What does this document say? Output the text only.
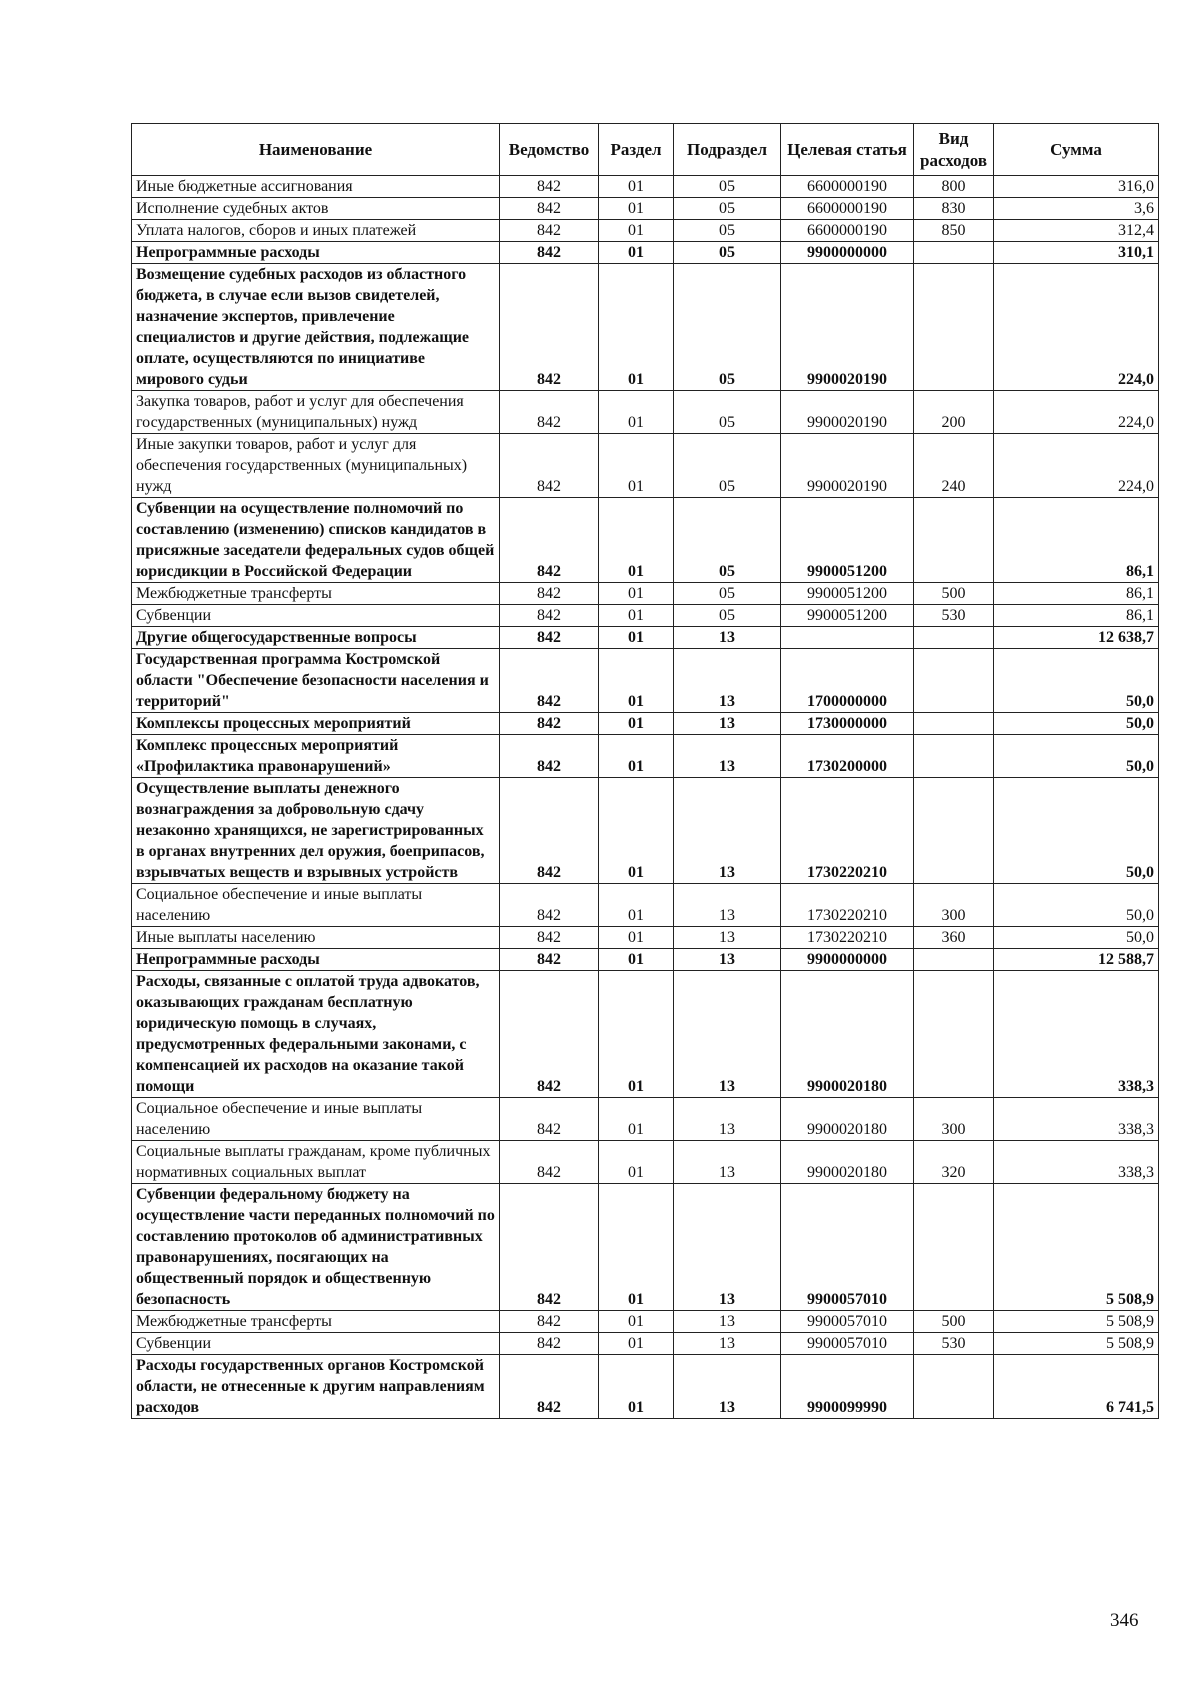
Наименование	Ведомство	Раздел	Подраздел	Целевая статья	Вид расходов	Сумма
Иные бюджетные ассигнования	842	01	05	6600000190	800	316,0
Исполнение судебных актов	842	01	05	6600000190	830	3,6
Уплата налогов, сборов и иных платежей	842	01	05	6600000190	850	312,4
Непрограммные расходы	842	01	05	9900000000		310,1
Возмещение судебных расходов из областного бюджета, в случае если вызов свидетелей, назначение экспертов, привлечение специалистов и другие действия, подлежащие оплате, осуществляются по инициативе мирового судьи	842	01	05	9900020190		224,0
Закупка товаров, работ и услуг для обеспечения государственных (муниципальных) нужд	842	01	05	9900020190	200	224,0
Иные закупки товаров, работ и услуг для обеспечения государственных (муниципальных) нужд	842	01	05	9900020190	240	224,0
Субвенции на осуществление полномочий по составлению (изменению) списков кандидатов в присяжные заседатели федеральных судов общей юрисдикции в Российской Федерации	842	01	05	9900051200		86,1
Межбюджетные трансферты	842	01	05	9900051200	500	86,1
Субвенции	842	01	05	9900051200	530	86,1
Другие общегосударственные вопросы	842	01	13			12 638,7
Государственная программа Костромской области "Обеспечение безопасности населения и территорий"	842	01	13	1700000000		50,0
Комплексы процессных мероприятий	842	01	13	1730000000		50,0
Комплекс процессных мероприятий «Профилактика правонарушений»	842	01	13	1730200000		50,0
Осуществление выплаты денежного вознаграждения за добровольную сдачу незаконно хранящихся, не зарегистрированных в органах внутренних дел оружия, боеприпасов, взрывчатых веществ и взрывных устройств	842	01	13	1730220210		50,0
Социальное обеспечение и иные выплаты населению	842	01	13	1730220210	300	50,0
Иные выплаты населению	842	01	13	1730220210	360	50,0
Непрограммные расходы	842	01	13	9900000000		12 588,7
Расходы, связанные с оплатой труда адвокатов, оказывающих гражданам бесплатную юридическую помощь в случаях, предусмотренных федеральными законами, с компенсацией их расходов на оказание такой помощи	842	01	13	9900020180		338,3
Социальное обеспечение и иные выплаты населению	842	01	13	9900020180	300	338,3
Социальные выплаты гражданам, кроме публичных нормативных социальных выплат	842	01	13	9900020180	320	338,3
Субвенции федеральному бюджету на осуществление части переданных полномочий по составлению протоколов об административных правонарушениях, посягающих на общественный порядок и общественную безопасность	842	01	13	9900057010		5 508,9
Межбюджетные трансферты	842	01	13	9900057010	500	5 508,9
Субвенции	842	01	13	9900057010	530	5 508,9
Расходы государственных органов Костромской области, не отнесенные к другим направлениям расходов	842	01	13	9900099990		6 741,5
346
